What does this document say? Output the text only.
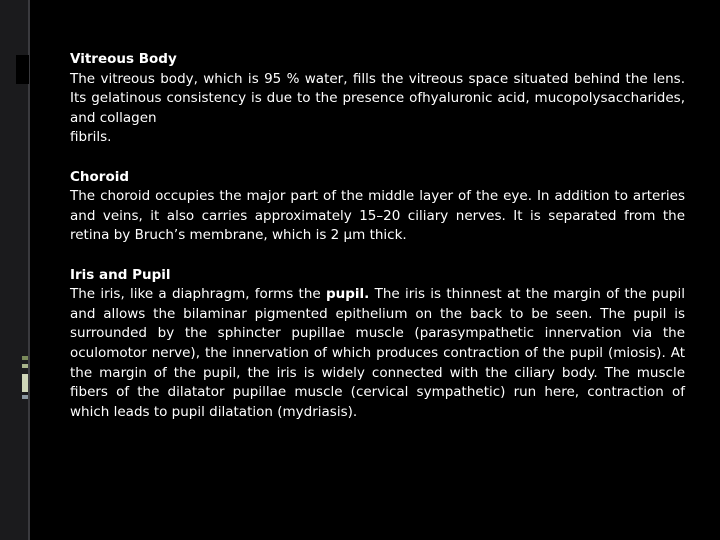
Vitreous Body
The vitreous body, which is 95 % water, fills the vitreous space situated behind the lens. Its gelatinous consistency is due to the presence ofhyaluronic acid, mucopolysaccharides, and collagen
fibrils.
Choroid
The choroid occupies the major part of the middle layer of the eye. In addition to arteries and veins, it also carries approximately 15–20 ciliary nerves. It is separated from the retina by Bruch’s membrane, which is 2 μm thick.
Iris and Pupil
The iris, like a diaphragm, forms the pupil. The iris is thinnest at the margin of the pupil and allows the bilaminar pigmented epithelium on the back to be seen. The pupil is surrounded by the sphincter pupillae muscle (parasympathetic innervation via the oculomotor nerve), the innervation of which produces contraction of the pupil (miosis). At the margin of the pupil, the iris is widely connected with the ciliary body. The muscle fibers of the dilatator pupillae muscle (cervical sympathetic) run here, contraction of which leads to pupil dilatation (mydriasis).
